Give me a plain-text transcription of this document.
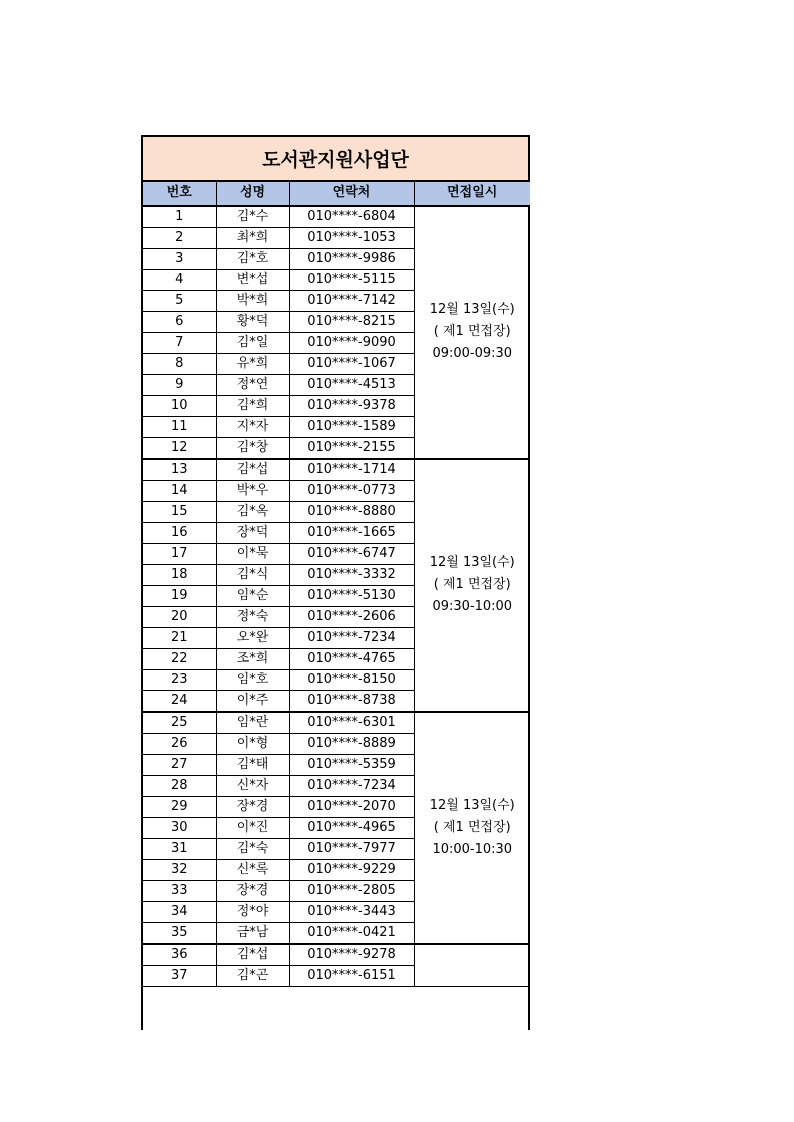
도서관지원사업단
번호	성명	연락처	면접일시
1	김*수	010****-6804	12월 13일(수)
( 제1 면접장)
09:00-09:30

2	최*희	010****-1053	
3	김*호	010****-9986	
4	변*섭	010****-5115	
5	박*희	010****-7142	
6	황*덕	010****-8215	
7	김*일	010****-9090	
8	유*희	010****-1067	
9	정*연	010****-4513	
10	김*희	010****-9378	
11	지*자	010****-1589	
12	김*창	010****-2155	
13	김*섭	010****-1714	12월 13일(수)
( 제1 면접장)
09:30-10:00

14	박*우	010****-0773	
15	김*옥	010****-8880	
16	장*덕	010****-1665	
17	이*묵	010****-6747	
18	김*식	010****-3332	
19	임*순	010****-5130	
20	정*숙	010****-2606	
21	오*완	010****-7234	
22	조*희	010****-4765	
23	임*호	010****-8150	
24	이*주	010****-8738	
25	임*란	010****-6301	12월 13일(수)
( 제1 면접장)
10:00-10:30

26	이*형	010****-8889	
27	김*태	010****-5359	
28	신*자	010****-7234	
29	장*경	010****-2070	
30	이*진	010****-4965	
31	김*숙	010****-7977	
32	신*록	010****-9229	
33	장*경	010****-2805	
34	정*야	010****-3443	
35	금*남	010****-0421	
36	김*섭	010****-9278	
37	김*곤	010****-6151	
